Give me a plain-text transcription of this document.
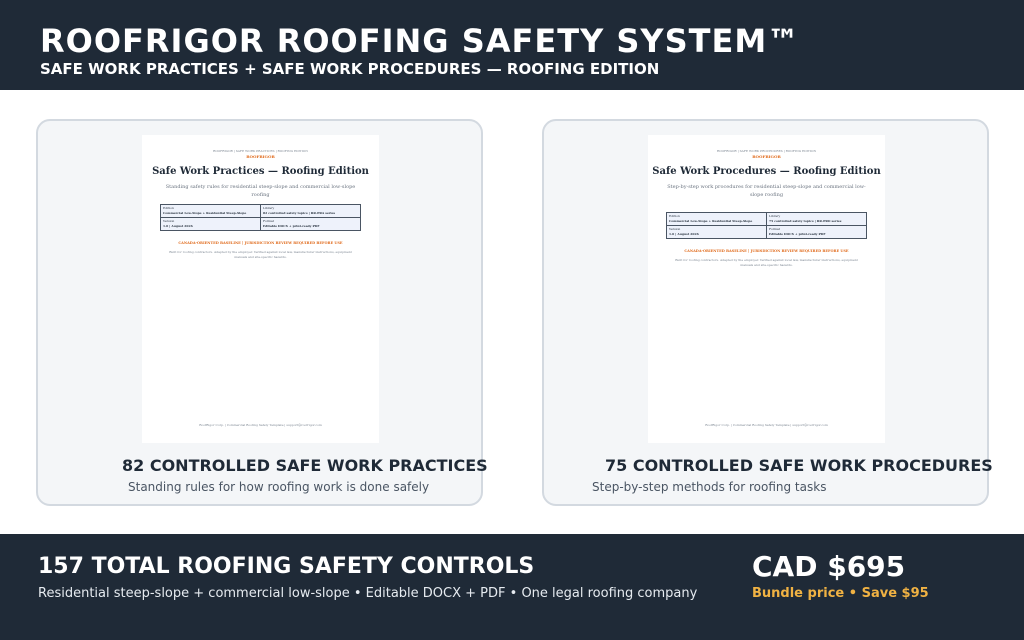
ROOFRIGOR ROOFING SAFETY SYSTEM™
SAFE WORK PRACTICES + SAFE WORK PROCEDURES — ROOFING EDITION
ROOFRIGOR | SAFE WORK PRACTICES | ROOFING EDITION
ROOFRIGOR
Safe Work Practices — Roofing Edition
Standing safety rules for residential steep-slope and commercial low-slope roofing
Edition
Commercial Low-Slope + Residential Steep-Slope
Library
82 controlled safety topics | RR-PRA series
Version
1.0 | August 2026
Format
Editable DOCX + print-ready PDF
CANADA-ORIENTED BASELINE | JURISDICTION REVIEW REQUIRED BEFORE USE
Built for roofing contractors. Adapted by the employer. Verified against local law, manufacturer instructions, equipment manuals and site-specific hazards.
RoofRigor Corp. | Commercial Roofing Safety Template | support@roofrigor.com
82 CONTROLLED SAFE WORK PRACTICES
Standing rules for how roofing work is done safely
ROOFRIGOR | SAFE WORK PROCEDURES | ROOFING EDITION
ROOFRIGOR
Safe Work Procedures — Roofing Edition
Step-by-step work procedures for residential steep-slope and commercial low-slope roofing
Edition
Commercial Low-Slope + Residential Steep-Slope
Library
75 controlled safety topics | RR-PRO series
Version
1.0 | August 2026
Format
Editable DOCX + print-ready PDF
CANADA-ORIENTED BASELINE | JURISDICTION REVIEW REQUIRED BEFORE USE
Built for roofing contractors. Adapted by the employer. Verified against local law, manufacturer instructions, equipment manuals and site-specific hazards.
RoofRigor Corp. | Commercial Roofing Safety Template | support@roofrigor.com
75 CONTROLLED SAFE WORK PROCEDURES
Step-by-step methods for roofing tasks
157 TOTAL ROOFING SAFETY CONTROLS
Residential steep-slope + commercial low-slope • Editable DOCX + PDF • One legal roofing company
CAD $695
Bundle price • Save $95
